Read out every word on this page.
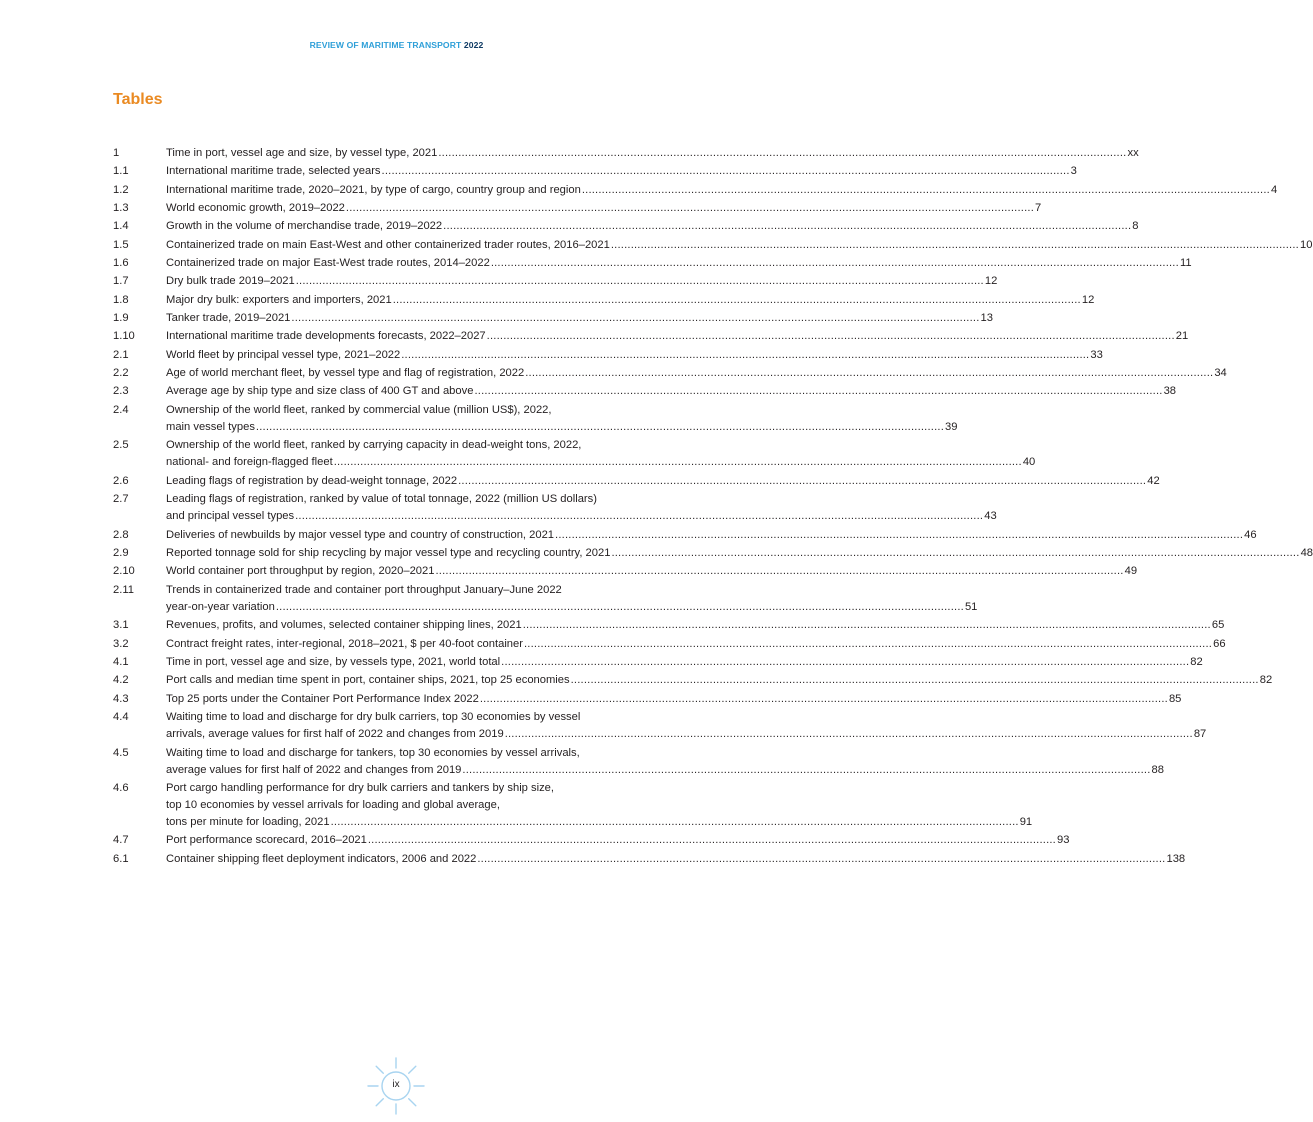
REVIEW OF MARITIME TRANSPORT 2022
Tables
1	Time in port, vessel age and size, by vessel type, 2021 .....	xx
1.1	International maritime trade, selected years .....	3
1.2	International maritime trade, 2020–2021, by type of cargo, country group and region .....	4
1.3	World economic growth, 2019–2022 .....	7
1.4	Growth in the volume of merchandise trade, 2019–2022 .....	8
1.5	Containerized trade on main East-West and other containerized trader routes, 2016–2021 .....	10
1.6	Containerized trade on major East-West trade routes, 2014–2022 .....	11
1.7	Dry bulk trade 2019–2021 .....	12
1.8	Major dry bulk: exporters and importers, 2021 .....	12
1.9	Tanker trade, 2019–2021 .....	13
1.10	International maritime trade developments forecasts, 2022–2027 .....	21
2.1	World fleet by principal vessel type, 2021–2022 .....	33
2.2	Age of world merchant fleet, by vessel type and flag of registration, 2022 .....	34
2.3	Average age by ship type and size class of 400 GT and above .....	38
2.4	Ownership of the world fleet, ranked by commercial value (million US$), 2022,
main vessel types .....	39
2.5	Ownership of the world fleet, ranked by carrying capacity in dead-weight tons, 2022,
national- and foreign-flagged fleet .....	40
2.6	Leading flags of registration by dead-weight tonnage, 2022 .....	42
2.7	Leading flags of registration, ranked by value of total tonnage, 2022 (million US dollars)
and principal vessel types .....	43
2.8	Deliveries of newbuilds by major vessel type and country of construction, 2021 .....	46
2.9	Reported tonnage sold for ship recycling by major vessel type and recycling country, 2021 .....	48
2.10	World container port throughput by region, 2020–2021 .....	49
2.11	Trends in containerized trade and container port throughput January–June 2022
year-on-year variation .....	51
3.1	Revenues, profits, and volumes, selected container shipping lines, 2021 .....	65
3.2	Contract freight rates, inter-regional, 2018–2021, $ per 40-foot container .....	66
4.1	Time in port, vessel age and size, by vessels type, 2021, world total .....	82
4.2	Port calls and median time spent in port, container ships, 2021, top 25 economies .....	82
4.3	Top 25 ports under the Container Port Performance Index 2022 .....	85
4.4	Waiting time to load and discharge for dry bulk carriers, top 30 economies by vessel
arrivals, average values for first half of 2022 and changes from 2019 .....	87
4.5	Waiting time to load and discharge for tankers, top 30 economies by vessel arrivals,
average values for first half of 2022 and changes from 2019 .....	88
4.6	Port cargo handling performance for dry bulk carriers and tankers by ship size,
top 10 economies by vessel arrivals for loading and global average,
tons per minute for loading, 2021 .....	91
4.7	Port performance scorecard, 2016–2021 .....	93
6.1	Container shipping fleet deployment indicators, 2006 and 2022 .....	138
ix
